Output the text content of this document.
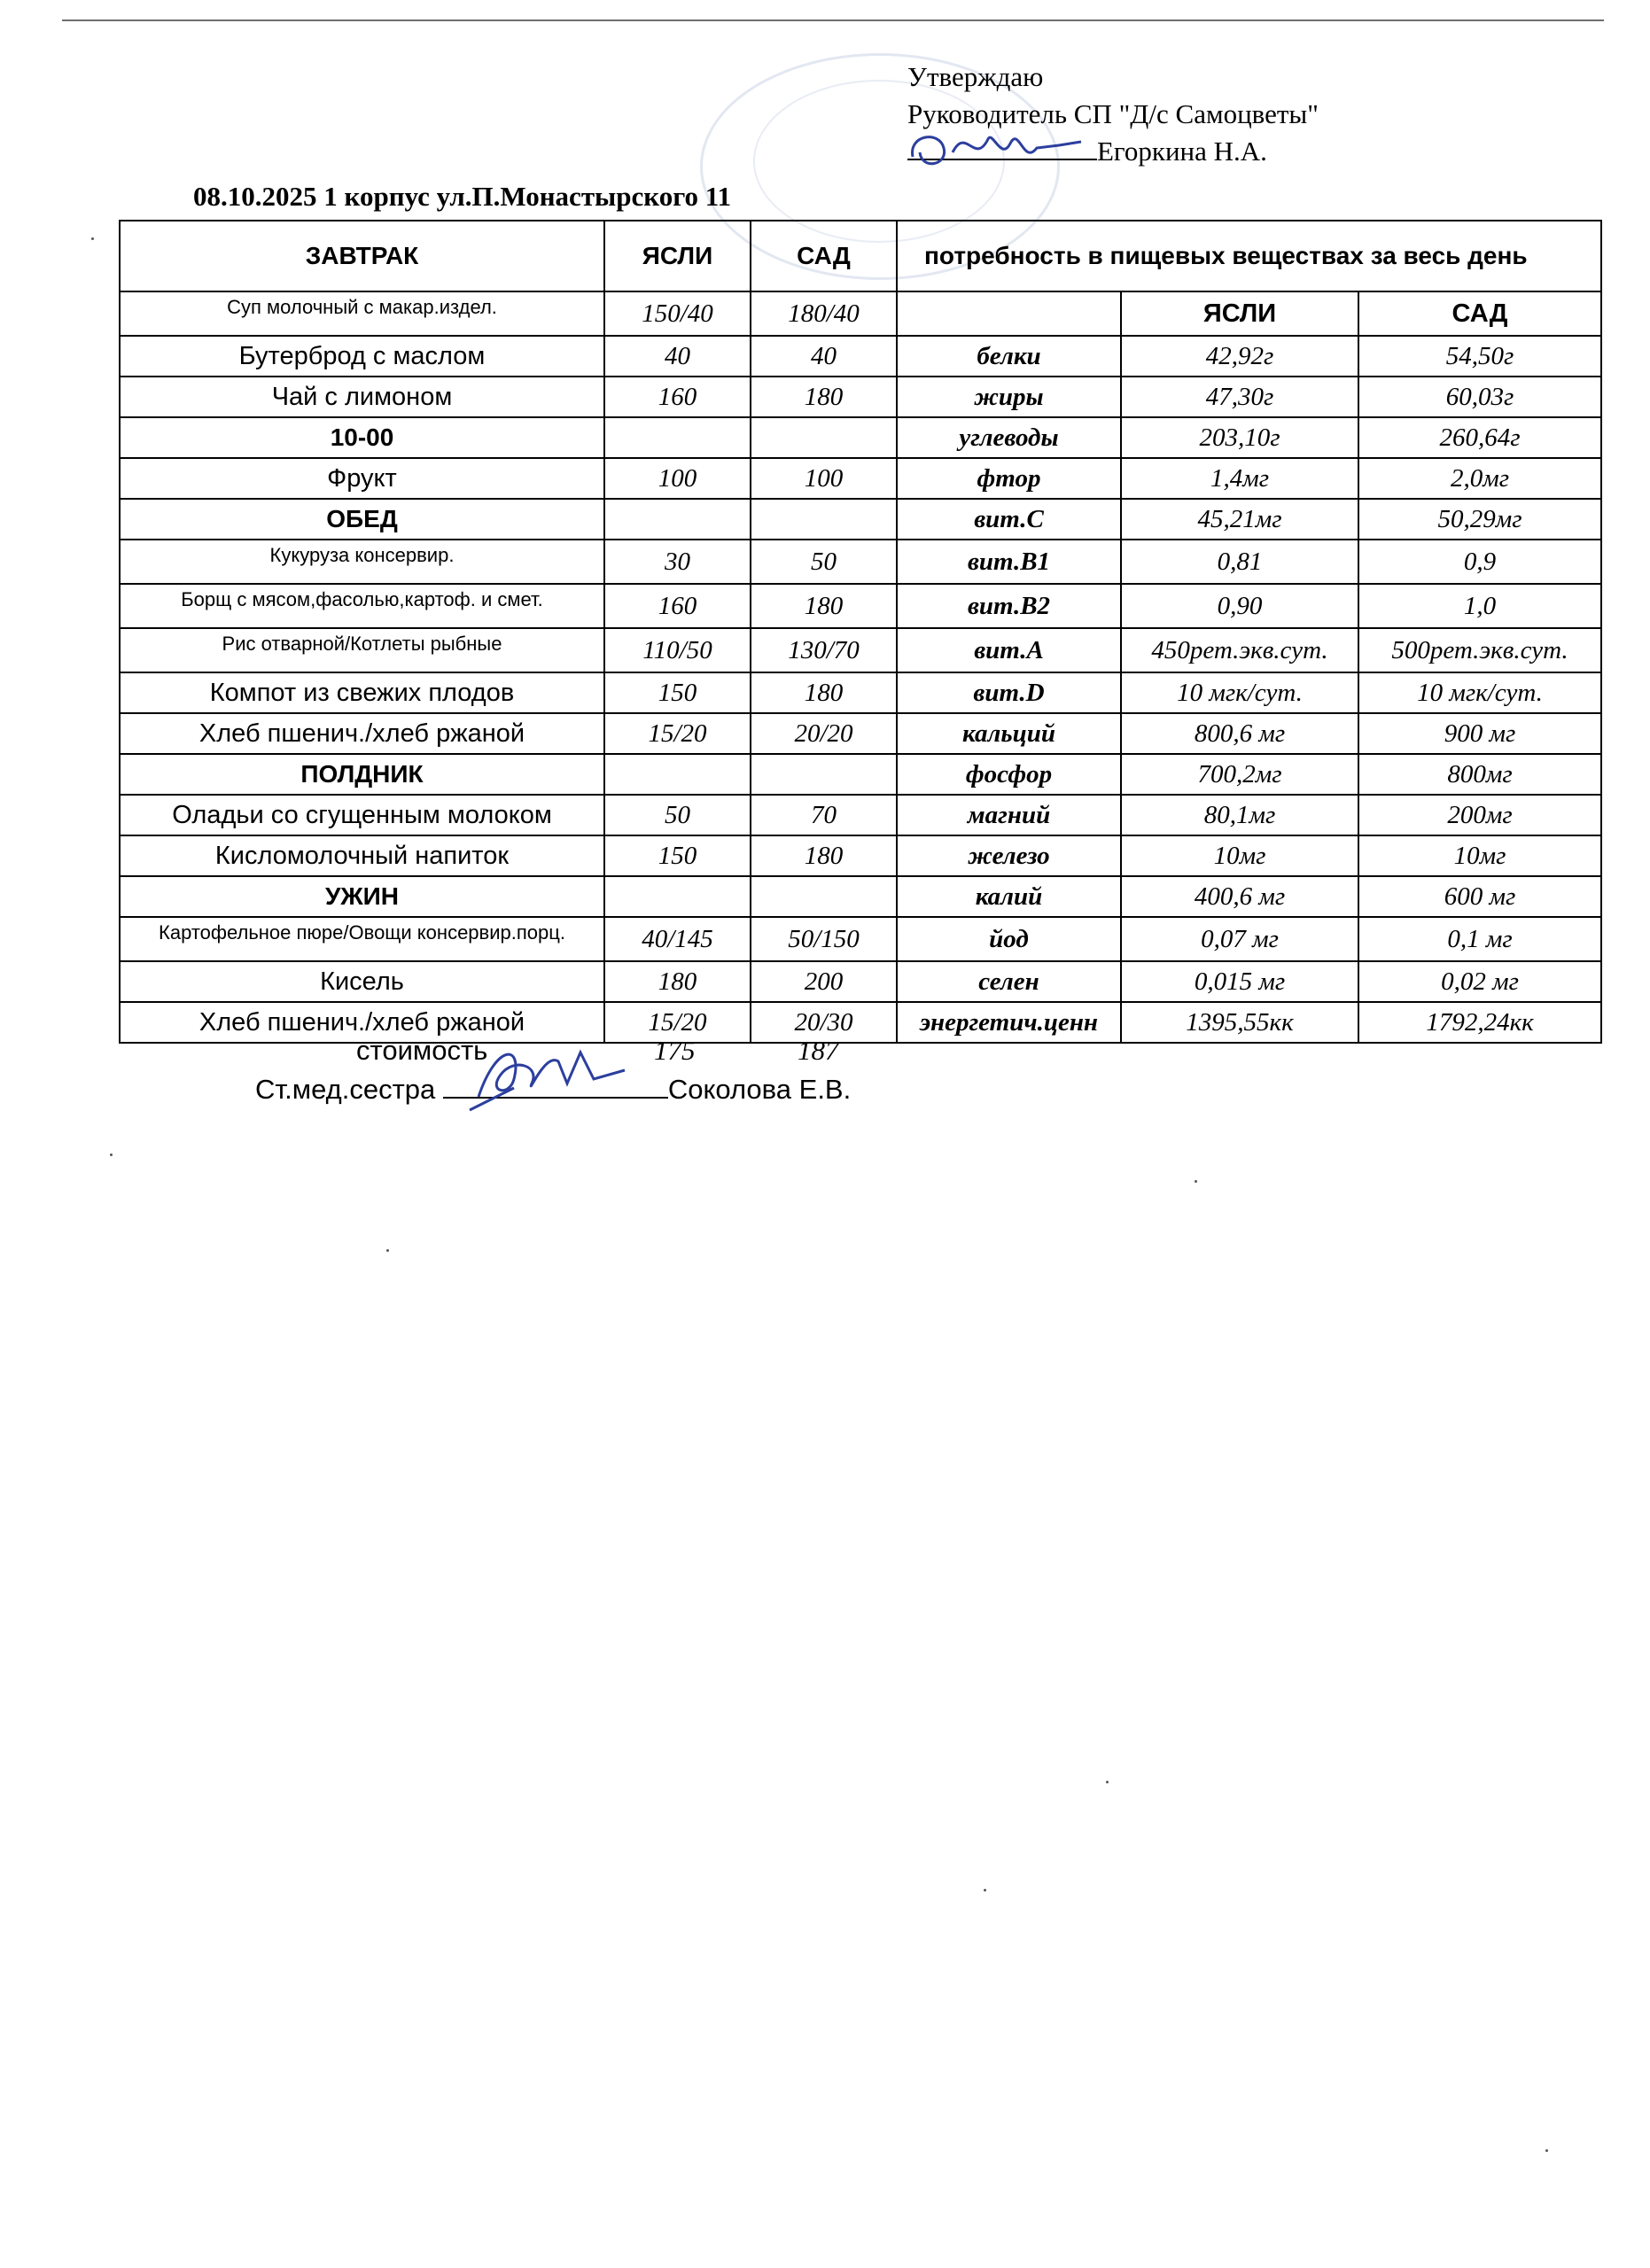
Утверждаю
Руководитель СП "Д/с Самоцветы"
Егоркина Н.А.
08.10.2025 1 корпус ул.П.Монастырского 11
ЗАВТРАК	ЯСЛИ	САД	потребность в пищевых веществах за весь день		
Суп молочный с макар.издел.	150/40	180/40		ЯСЛИ	САД
Бутерброд с маслом	40	40	белки	42,92г	54,50г
Чай с лимоном	160	180	жиры	47,30г	60,03г
10-00			углеводы	203,10г	260,64г
Фрукт	100	100	фтор	1,4мг	2,0мг
ОБЕД			вит.С	45,21мг	50,29мг
Кукуруза консервир.	30	50	вит.В1	0,81	0,9
Борщ с мясом,фасолью,картоф. и смет.	160	180	вит.В2	0,90	1,0
Рис отварной/Котлеты рыбные	110/50	130/70	вит.А	450рет.экв.сут.	500рет.экв.сут.
Компот из свежих плодов	150	180	вит.D	10 мгк/сут.	10 мгк/сут.
Хлеб пшенич./хлеб ржаной	15/20	20/20	кальций	800,6 мг	900 мг
ПОЛДНИК			фосфор	700,2мг	800мг
Оладьи со сгущенным молоком	50	70	магний	80,1мг	200мг
Кисломолочный напиток	150	180	железо	10мг	10мг
УЖИН			калий	400,6 мг	600 мг
Картофельное пюре/Овощи консервир.порц.	40/145	50/150	йод	0,07 мг	0,1 мг
Кисель	180	200	селен	0,015 мг	0,02 мг
Хлеб пшенич./хлеб ржаной	15/20	20/30	энергетич.ценн	1395,55кк	1792,24кк
стоимость	175	187
Ст.мед.сестра	Соколова Е.В.
